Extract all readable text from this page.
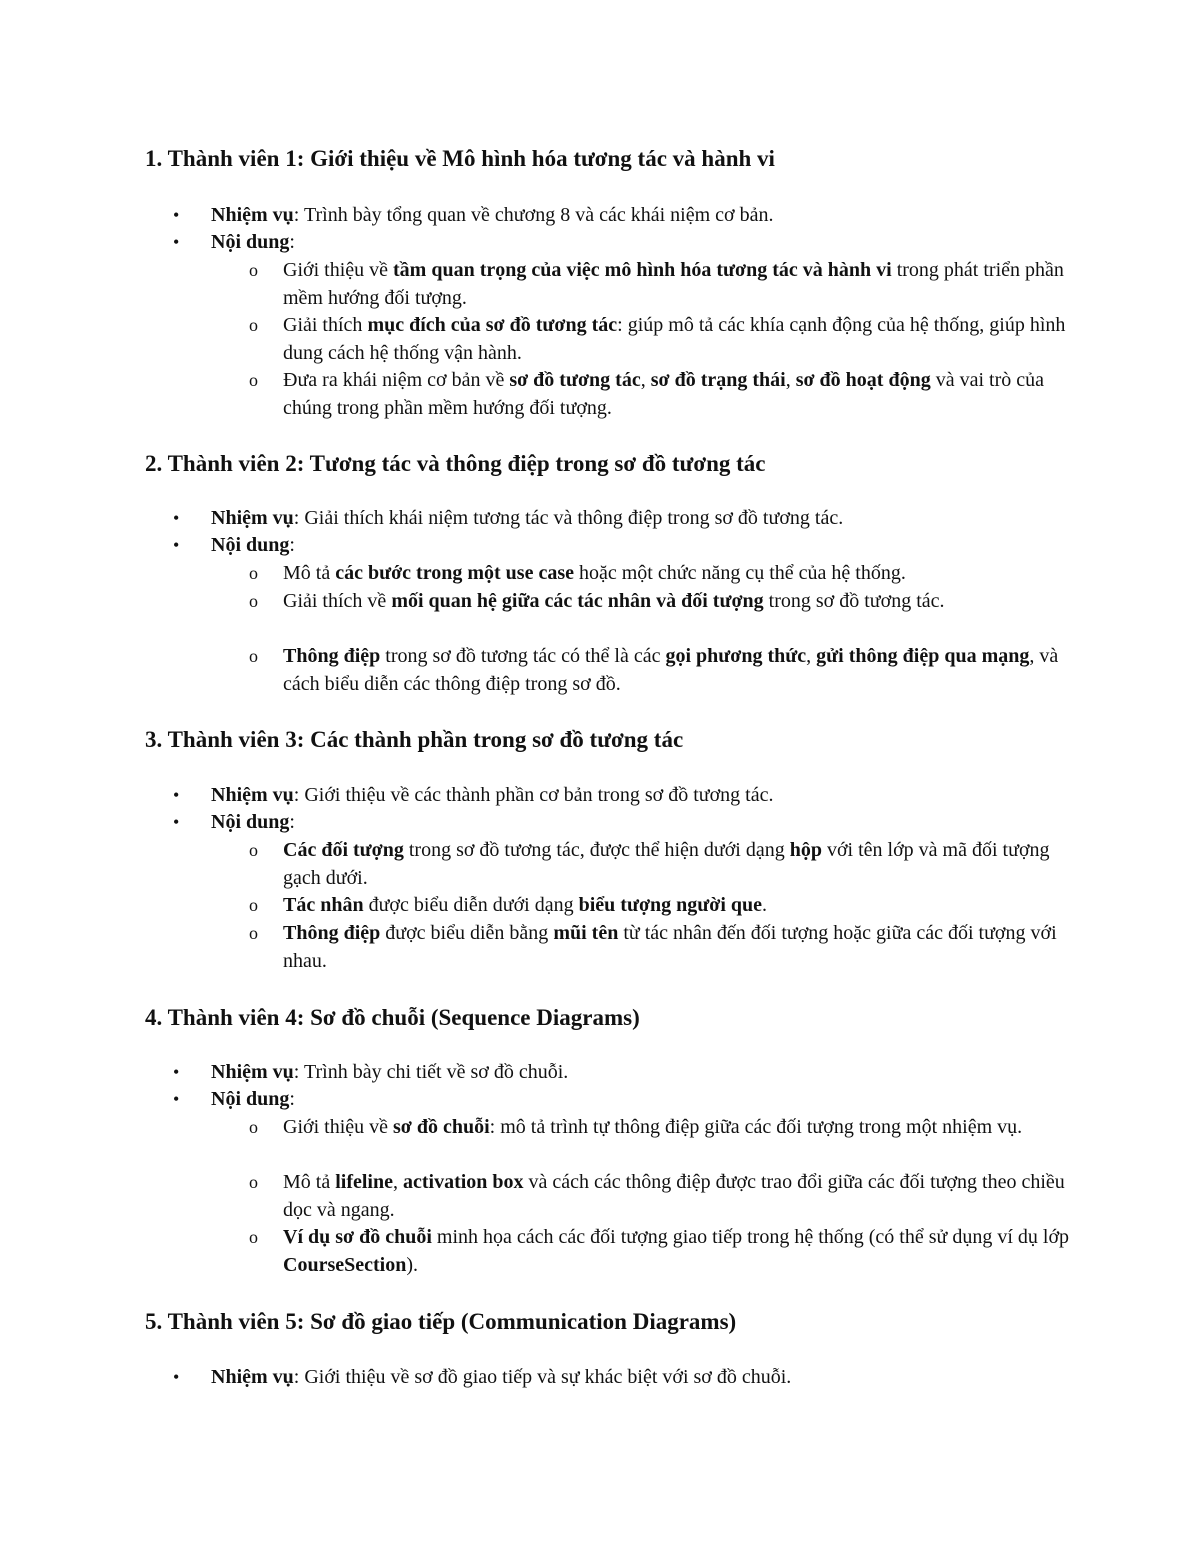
1. Thành viên 1: Giới thiệu về Mô hình hóa tương tác và hành vi
• Nhiệm vụ: Trình bày tổng quan về chương 8 và các khái niệm cơ bản.
• Nội dung:
o Giới thiệu về tầm quan trọng của việc mô hình hóa tương tác và hành vi trong phát triển phần mềm hướng đối tượng.
o Giải thích mục đích của sơ đồ tương tác: giúp mô tả các khía cạnh động của hệ thống, giúp hình dung cách hệ thống vận hành.
o Đưa ra khái niệm cơ bản về sơ đồ tương tác, sơ đồ trạng thái, sơ đồ hoạt động và vai trò của chúng trong phần mềm hướng đối tượng.
2. Thành viên 2: Tương tác và thông điệp trong sơ đồ tương tác
• Nhiệm vụ: Giải thích khái niệm tương tác và thông điệp trong sơ đồ tương tác.
• Nội dung:
o Mô tả các bước trong một use case hoặc một chức năng cụ thể của hệ thống.
o Giải thích về mối quan hệ giữa các tác nhân và đối tượng trong sơ đồ tương tác.
o Thông điệp trong sơ đồ tương tác có thể là các gọi phương thức, gửi thông điệp qua mạng, và cách biểu diễn các thông điệp trong sơ đồ.
3. Thành viên 3: Các thành phần trong sơ đồ tương tác
• Nhiệm vụ: Giới thiệu về các thành phần cơ bản trong sơ đồ tương tác.
• Nội dung:
o Các đối tượng trong sơ đồ tương tác, được thể hiện dưới dạng hộp với tên lớp và mã đối tượng gạch dưới.
o Tác nhân được biểu diễn dưới dạng biểu tượng người que.
o Thông điệp được biểu diễn bằng mũi tên từ tác nhân đến đối tượng hoặc giữa các đối tượng với nhau.
4. Thành viên 4: Sơ đồ chuỗi (Sequence Diagrams)
• Nhiệm vụ: Trình bày chi tiết về sơ đồ chuỗi.
• Nội dung:
o Giới thiệu về sơ đồ chuỗi: mô tả trình tự thông điệp giữa các đối tượng trong một nhiệm vụ.
o Mô tả lifeline, activation box và cách các thông điệp được trao đổi giữa các đối tượng theo chiều dọc và ngang.
o Ví dụ sơ đồ chuỗi minh họa cách các đối tượng giao tiếp trong hệ thống (có thể sử dụng ví dụ lớp CourseSection).
5. Thành viên 5: Sơ đồ giao tiếp (Communication Diagrams)
• Nhiệm vụ: Giới thiệu về sơ đồ giao tiếp và sự khác biệt với sơ đồ chuỗi.
